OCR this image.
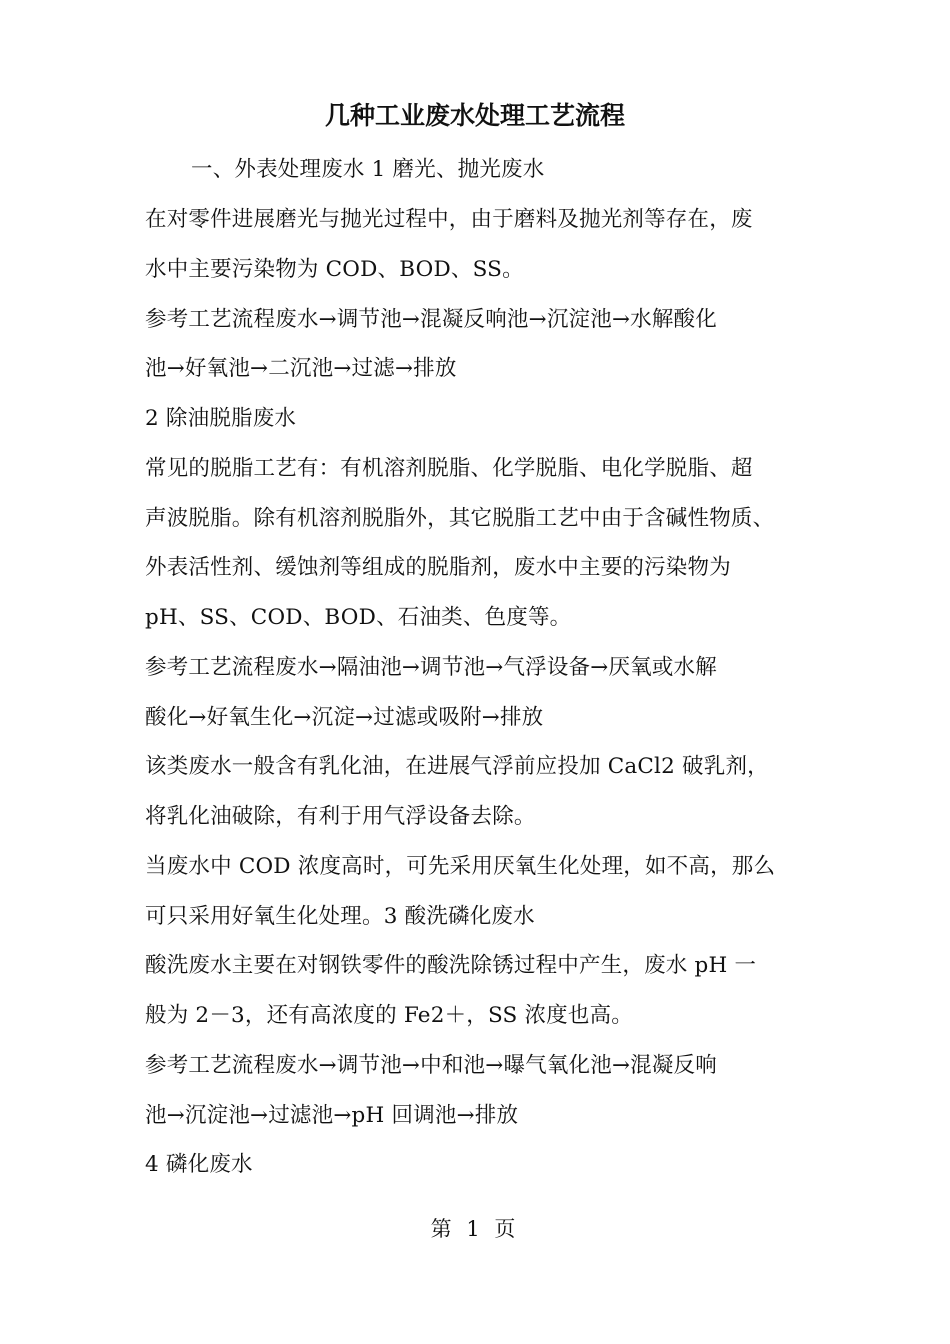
几种工业废水处理工艺流程
一、外表处理废水 1 磨光、抛光废水
在对零件进展磨光与抛光过程中，由于磨料及抛光剂等存在，废
水中主要污染物为 COD、BOD、SS。
参考工艺流程废水→调节池→混凝反响池→沉淀池→水解酸化
池→好氧池→二沉池→过滤→排放
2 除油脱脂废水
常见的脱脂工艺有：有机溶剂脱脂、化学脱脂、电化学脱脂、超
声波脱脂。除有机溶剂脱脂外，其它脱脂工艺中由于含碱性物质、
外表活性剂、缓蚀剂等组成的脱脂剂，废水中主要的污染物为
pH、SS、COD、BOD、石油类、色度等。
参考工艺流程废水→隔油池→调节池→气浮设备→厌氧或水解
酸化→好氧生化→沉淀→过滤或吸附→排放
该类废水一般含有乳化油，在进展气浮前应投加 CaCl2 破乳剂，
将乳化油破除，有利于用气浮设备去除。
当废水中 COD 浓度高时，可先采用厌氧生化处理，如不高，那么
可只采用好氧生化处理。3 酸洗磷化废水
酸洗废水主要在对钢铁零件的酸洗除锈过程中产生，废水 pH 一
般为 2－3，还有高浓度的 Fe2＋，SS 浓度也高。
参考工艺流程废水→调节池→中和池→曝气氧化池→混凝反响
池→沉淀池→过滤池→pH 回调池→排放
4 磷化废水
第 1 页
